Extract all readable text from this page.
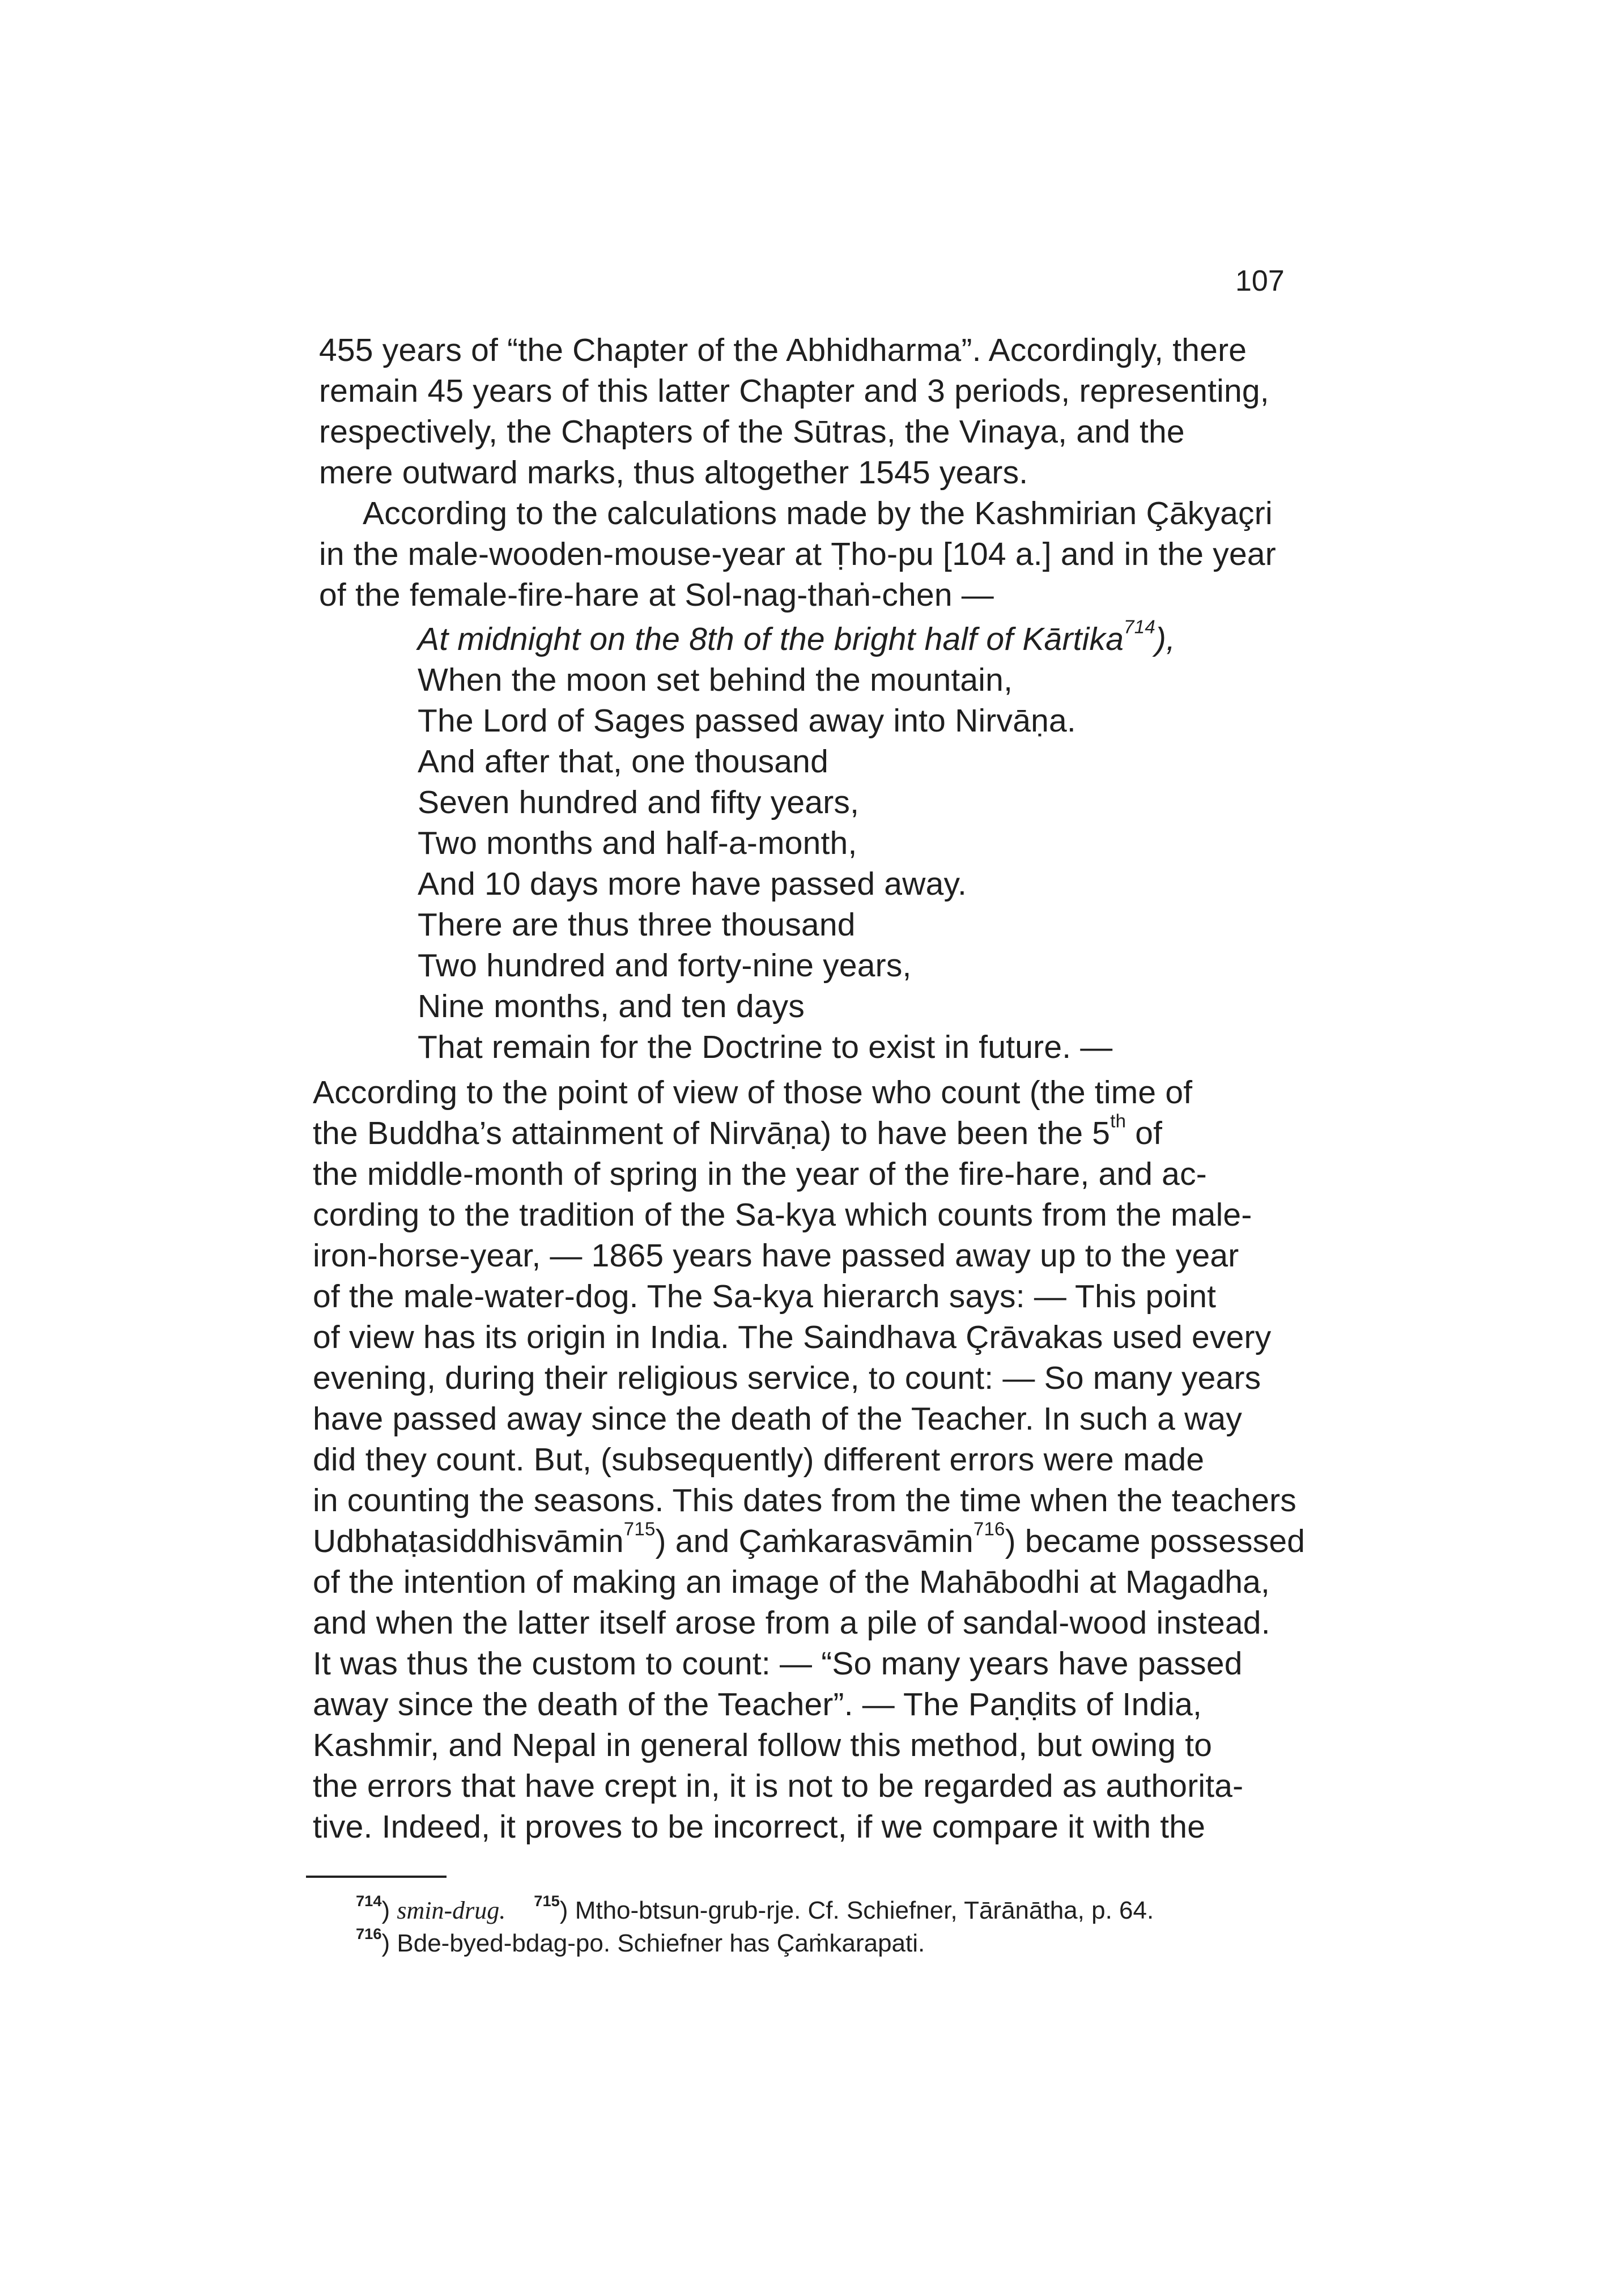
107
455 years of “the Chapter of the Abhidharma”. Accordingly, there
remain 45 years of this latter Chapter and 3 periods, representing,
respectively, the Chapters of the Sūtras, the Vinaya, and the
mere outward marks, thus altogether 1545 years.
According to the calculations made by the Kashmirian Çākyaçri
in the male-wooden-mouse-year at Ṭho-pu [104 a.] and in the year
of the female-fire-hare at Sol-nag-thaṅ-chen —
At midnight on the 8th of the bright half of Kārtika$^{714}$),
When the moon set behind the mountain,
The Lord of Sages passed away into Nirvāṇa.
And after that, one thousand
Seven hundred and fifty years,
Two months and half-a-month,
And 10 days more have passed away.
There are thus three thousand
Two hundred and forty-nine years,
Nine months, and ten days
That remain for the Doctrine to exist in future. —
According to the point of view of those who count (the time of
the Buddha’s attainment of Nirvāṇa) to have been the 5th of
the middle-month of spring in the year of the fire-hare, and ac-
cording to the tradition of the Sa-kya which counts from the male-
iron-horse-year, — 1865 years have passed away up to the year
of the male-water-dog. The Sa-kya hierarch says: — This point
of view has its origin in India. The Saindhava Çrāvakas used every
evening, during their religious service, to count: — So many years
have passed away since the death of the Teacher. In such a way
did they count. But, (subsequently) different errors were made
in counting the seasons. This dates from the time when the teachers
Udbhaṭasiddhisvāmin$^{715}$) and Çaṁkarasvāmin$^{716}$) became possessed
of the intention of making an image of the Mahābodhi at Magadha,
and when the latter itself arose from a pile of sandal-wood instead.
It was thus the custom to count: — “So many years have passed
away since the death of the Teacher”. — The Paṇḍits of India,
Kashmir, and Nepal in general follow this method, but owing to
the errors that have crept in, it is not to be regarded as authorita-
tive. Indeed, it proves to be incorrect, if we compare it with the
$^{714}$) smin-drug. $^{715}$) Mtho-btsun-grub-rje. Cf. Schiefner, Tārānātha, p. 64.
$^{716}$) Bde-byed-bdag-po. Schiefner has Çaṁkarapati.
